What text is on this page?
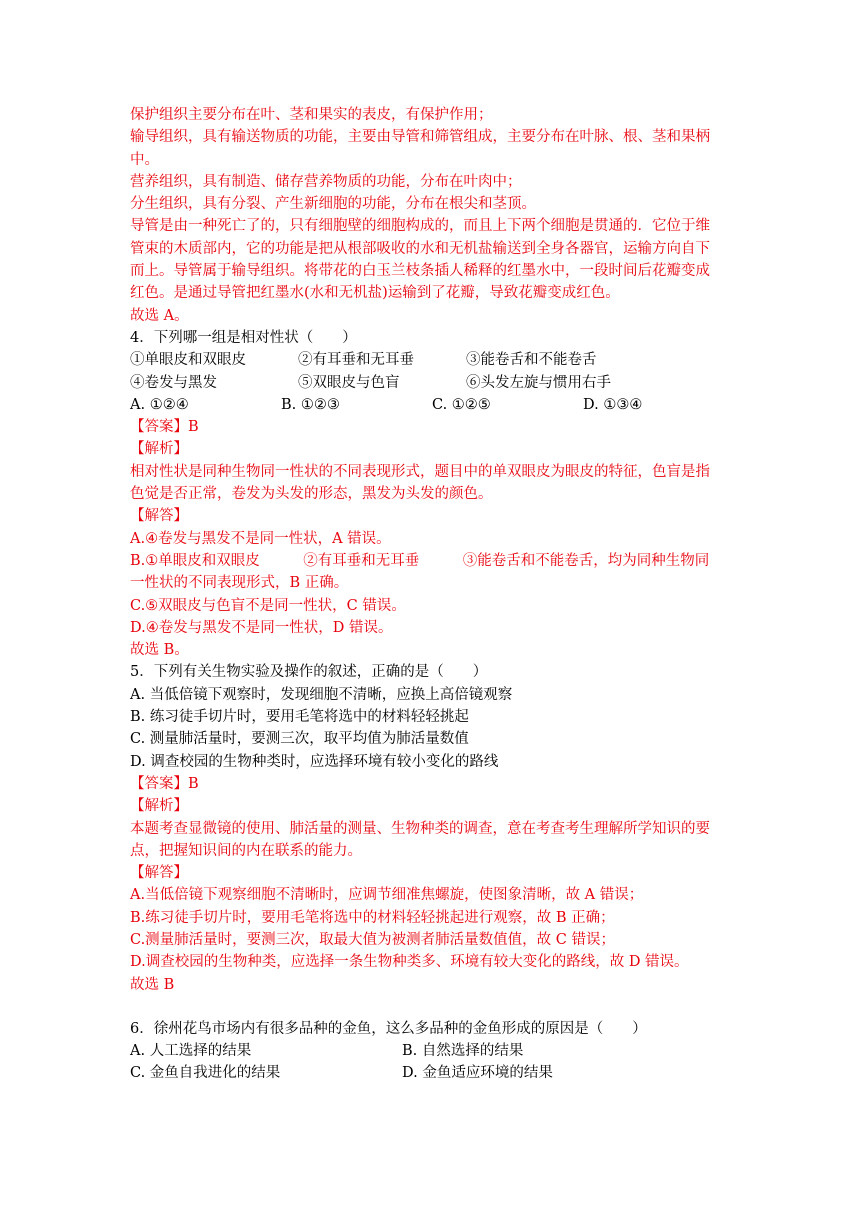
保护组织主要分布在叶、茎和果实的表皮，有保护作用；
输导组织，具有输送物质的功能，主要由导管和筛管组成，主要分布在叶脉、根、茎和果柄
中。
营养组织，具有制造、储存营养物质的功能，分布在叶肉中；
分生组织，具有分裂、产生新细胞的功能，分布在根尖和茎顶。
导管是由一种死亡了的，只有细胞壁的细胞构成的，而且上下两个细胞是贯通的．它位于维
管束的木质部内，它的功能是把从根部吸收的水和无机盐输送到全身各器官，运输方向自下
而上。导管属于输导组织。将带花的白玉兰枝条插人稀释的红墨水中，一段时间后花瓣变成
红色。是通过导管把红墨水(水和无机盐)运输到了花瓣，导致花瓣变成红色。
故选 A。
4．下列哪一组是相对性状（　　）
①单眼皮和双眼皮	②有耳垂和无耳垂	③能卷舌和不能卷舌
④卷发与黑发	⑤双眼皮与色盲	⑥头发左旋与惯用右手
A. ①②④	B. ①②③	C. ①②⑤	D. ①③④
【答案】B
【解析】
相对性状是同种生物同一性状的不同表现形式，题目中的单双眼皮为眼皮的特征，色盲是指
色觉是否正常，卷发为头发的形态，黑发为头发的颜色。
【解答】
A.④卷发与黑发不是同一性状，A 错误。
B.①单眼皮和双眼皮　　　②有耳垂和无耳垂　　　③能卷舌和不能卷舌，均为同种生物同
一性状的不同表现形式，B 正确。
C.⑤双眼皮与色盲不是同一性状，C 错误。
D.④卷发与黑发不是同一性状，D 错误。
故选 B。
5．下列有关生物实验及操作的叙述，正确的是（　　）
A. 当低倍镜下观察时，发现细胞不清晰，应换上高倍镜观察
B. 练习徒手切片时，要用毛笔将选中的材料轻轻挑起
C. 测量肺活量时，要测三次，取平均值为肺活量数值
D. 调查校园的生物种类时，应选择环境有较小变化的路线
【答案】B
【解析】
本题考查显微镜的使用、肺活量的测量、生物种类的调查，意在考查考生理解所学知识的要
点，把握知识间的内在联系的能力。
【解答】
A.当低倍镜下观察细胞不清晰时，应调节细准焦螺旋，使图象清晰，故 A 错误；
B.练习徒手切片时，要用毛笔将选中的材料轻轻挑起进行观察，故 B 正确；
C.测量肺活量时，要测三次，取最大值为被测者肺活量数值值，故 C 错误；
D.调查校园的生物种类，应选择一条生物种类多、环境有较大变化的路线，故 D 错误。
故选 B
6．徐州花鸟市场内有很多品种的金鱼，这么多品种的金鱼形成的原因是（　　）
A. 人工选择的结果	B. 自然选择的结果
C. 金鱼自我进化的结果	D. 金鱼适应环境的结果
